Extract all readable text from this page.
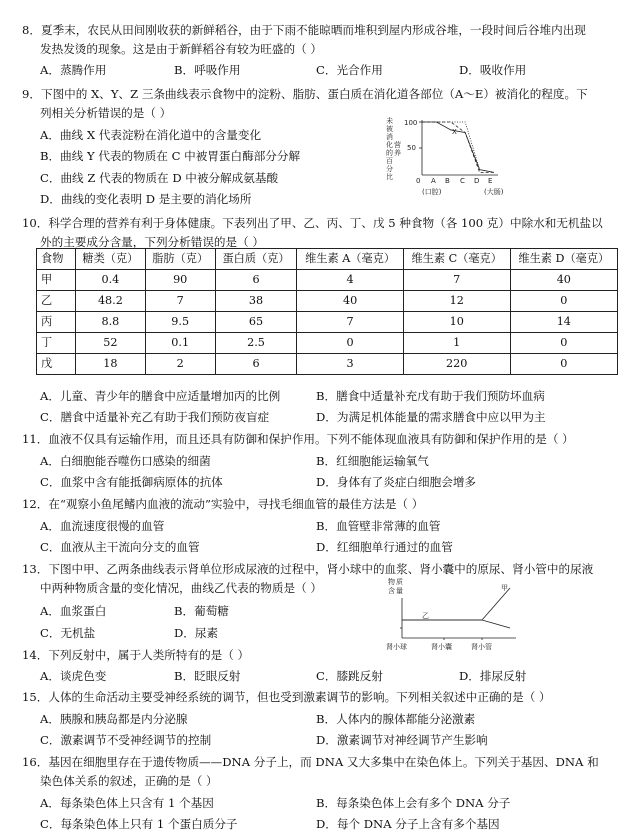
8．夏季末，农民从田间刚收获的新鲜稻谷，由于下雨不能晾晒而堆积到屋内形成谷堆，一段时间后谷堆内出现
发热发烫的现象。这是由于新鲜稻谷有较为旺盛的（ ）
A．蒸腾作用	B．呼吸作用	C．光合作用	D．吸收作用
9．下图中的 X、Y、Z 三条曲线表示食物中的淀粉、脂肪、蛋白质在消化道各部位（A～E）被消化的程度。下
列相关分析错误的是（ ）
A．曲线 X 代表淀粉在消化道中的含量变化
B．曲线 Y 代表的物质在 C 中被胃蛋白酶部分分解
C．曲线 Z 代表的物质在 D 中被分解成氨基酸
D．曲线的变化表明 D 是主要的消化场所
未
被
消
化
的
百
分
比
营
养
100
50
0 A B C D E
(口腔)	(大肠)
X
10．科学合理的营养有利于身体健康。下表列出了甲、乙、丙、丁、戊 5 种食物（各 100 克）中除水和无机盐以
外的主要成分含量，下列分析错误的是（ ）
食物	糖类（克）	脂肪（克）	蛋白质（克）	维生素 A（毫克）	维生素 C（毫克）	维生素 D（毫克）
甲	0.4	90	6	4	7	40
乙	48.2	7	38	40	12	0
丙	8.8	9.5	65	7	10	14
丁	52	0.1	2.5	0	1	0
戊	18	2	6	3	220	0
A．儿童、青少年的膳食中应适量增加丙的比例	B．膳食中适量补充戊有助于我们预防坏血病
C．膳食中适量补充乙有助于我们预防夜盲症	D．为满足机体能量的需求膳食中应以甲为主
11．血液不仅具有运输作用，而且还具有防御和保护作用。下列不能体现血液具有防御和保护作用的是（ ）
A．白细胞能吞噬伤口感染的细菌	B．红细胞能运输氧气
C．血浆中含有能抵御病原体的抗体	D．身体有了炎症白细胞会增多
12．在“观察小鱼尾鳍内血液的流动”实验中，寻找毛细血管的最佳方法是（ ）
A．血流速度很慢的血管	B．血管壁非常薄的血管
C．血液从主干流向分支的血管	D．红细胞单行通过的血管
13．下图中甲、乙两条曲线表示肾单位形成尿液的过程中，肾小球中的血浆、肾小囊中的原尿、肾小管中的尿液
中两种物质含量的变化情况，曲线乙代表的物质是（ ）
A．血浆蛋白	B．葡萄糖
C．无机盐	D．尿素
物 质
含 量
肾小球	肾小囊	肾小管
甲
乙
14．下列反射中，属于人类所特有的是（ ）
A．谈虎色变	B．眨眼反射	C．膝跳反射	D．排尿反射
15．人体的生命活动主要受神经系统的调节，但也受到激素调节的影响。下列相关叙述中正确的是（ ）
A．胰腺和胰岛都是内分泌腺	B．人体内的腺体都能分泌激素
C．激素调节不受神经调节的控制	D．激素调节对神经调节产生影响
16．基因在细胞里存在于遗传物质——DNA 分子上，而 DNA 又大多集中在染色体上。下列关于基因、DNA 和
染色体关系的叙述，正确的是（ ）
A．每条染色体上只含有 1 个基因	B．每条染色体上会有多个 DNA 分子
C．每条染色体上只有 1 个蛋白质分子	D．每个 DNA 分子上含有多个基因
